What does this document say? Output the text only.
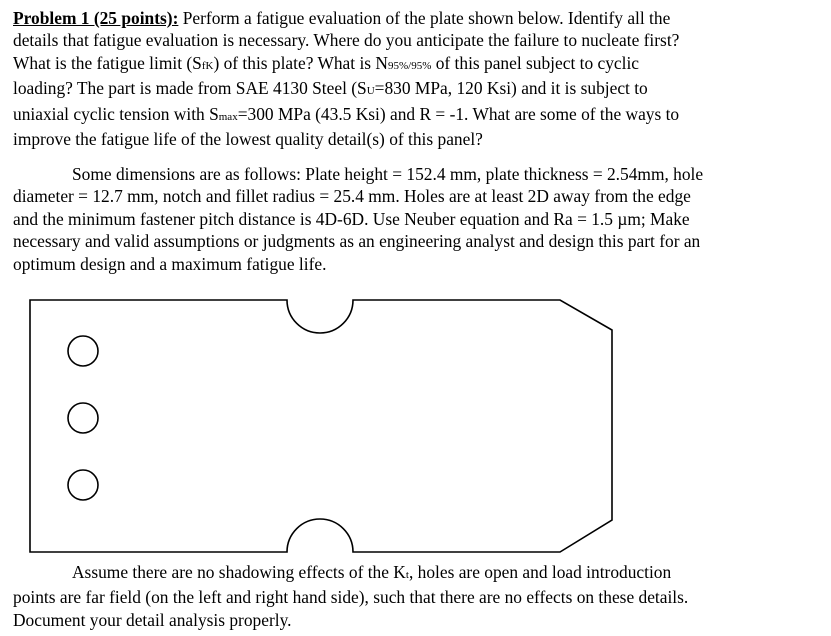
Problem 1 (25 points): Perform a fatigue evaluation of the plate shown below. Identify all the
details that fatigue evaluation is necessary. Where do you anticipate the failure to nucleate first?
What is the fatigue limit (SfK) of this plate? What is N95%/95% of this panel subject to cyclic
loading? The part is made from SAE 4130 Steel (SU=830 MPa, 120 Ksi) and it is subject to
uniaxial cyclic tension with Smax=300 MPa (43.5 Ksi) and R = -1. What are some of the ways to
improve the fatigue life of the lowest quality detail(s) of this panel?
Some dimensions are as follows: Plate height = 152.4 mm, plate thickness = 2.54mm, hole
diameter = 12.7 mm, notch and fillet radius = 25.4 mm. Holes are at least 2D away from the edge
and the minimum fastener pitch distance is 4D-6D. Use Neuber equation and Ra = 1.5 µm; Make
necessary and valid assumptions or judgments as an engineering analyst and design this part for an
optimum design and a maximum fatigue life.
Assume there are no shadowing effects of the Kt, holes are open and load introduction
points are far field (on the left and right hand side), such that there are no effects on these details.
Document your detail analysis properly.
